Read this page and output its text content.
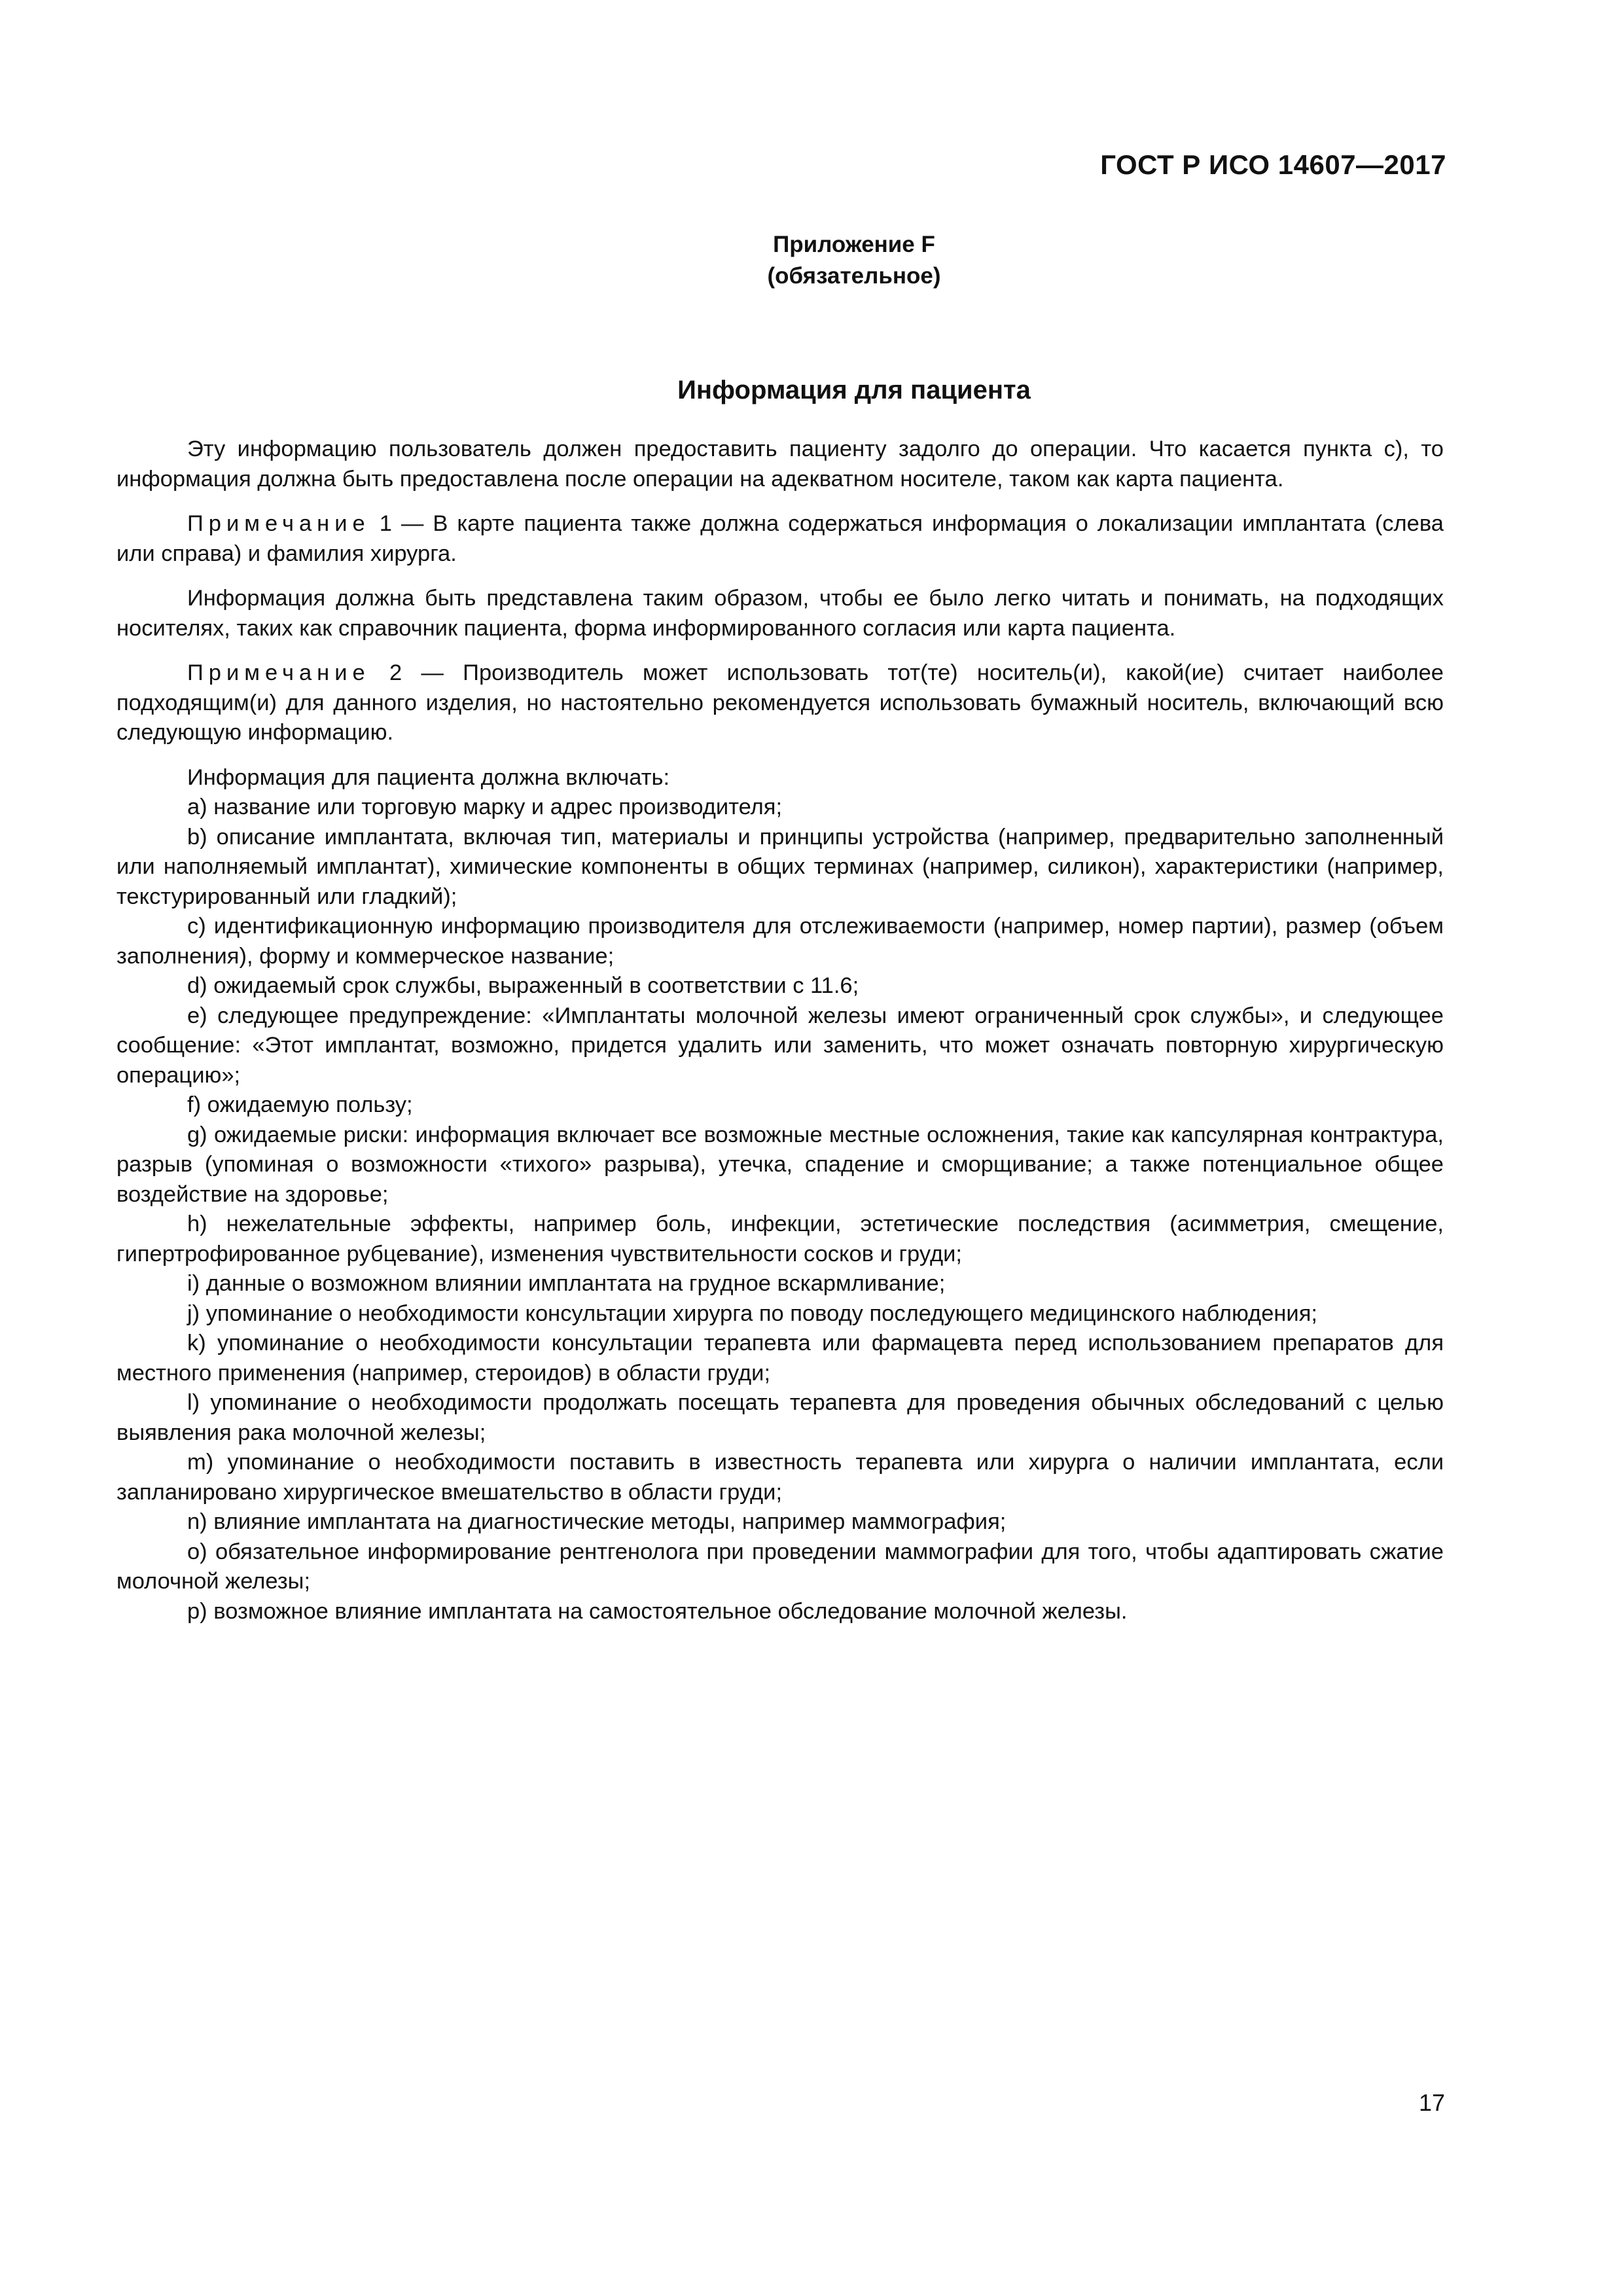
ГОСТ Р ИСО 14607—2017
Приложение F
(обязательное)
Информация для пациента

Эту информацию пользователь должен предоставить пациенту задолго до операции. Что касается пункта с), то информация должна быть предоставлена после операции на адекватном носителе, таком как карта пациента.

Примечание 1 — В карте пациента также должна содержаться информация о локализации имплантата (слева или справа) и фамилия хирурга.

Информация должна быть представлена таким образом, чтобы ее было легко читать и понимать, на подходящих носителях, таких как справочник пациента, форма информированного согласия или карта пациента.

Примечание 2 — Производитель может использовать тот(те) носитель(и), какой(ие) считает наиболее подходящим(и) для данного изделия, но настоятельно рекомендуется использовать бумажный носитель, включающий всю следующую информацию.

Информация для пациента должна включать:

a) название или торговую марку и адрес производителя;

b) описание имплантата, включая тип, материалы и принципы устройства (например, предварительно заполненный или наполняемый имплантат), химические компоненты в общих терминах (например, силикон), характеристики (например, текстурированный или гладкий);

c) идентификационную информацию производителя для отслеживаемости (например, номер партии), размер (объем заполнения), форму и коммерческое название;

d) ожидаемый срок службы, выраженный в соответствии с 11.6;

e) следующее предупреждение: «Имплантаты молочной железы имеют ограниченный срок службы», и следующее сообщение: «Этот имплантат, возможно, придется удалить или заменить, что может означать повторную хирургическую операцию»;

f) ожидаемую пользу;

g) ожидаемые риски: информация включает все возможные местные осложнения, такие как капсулярная контрактура, разрыв (упоминая о возможности «тихого» разрыва), утечка, спадение и сморщивание; а также потенциальное общее воздействие на здоровье;

h) нежелательные эффекты, например боль, инфекции, эстетические последствия (асимметрия, смещение, гипертрофированное рубцевание), изменения чувствительности сосков и груди;

i) данные о возможном влиянии имплантата на грудное вскармливание;

j) упоминание о необходимости консультации хирурга по поводу последующего медицинского наблюдения;

k) упоминание о необходимости консультации терапевта или фармацевта перед использованием препаратов для местного применения (например, стероидов) в области груди;

l) упоминание о необходимости продолжать посещать терапевта для проведения обычных обследований с целью выявления рака молочной железы;

m) упоминание о необходимости поставить в известность терапевта или хирурга о наличии имплантата, если запланировано хирургическое вмешательство в области груди;

n) влияние имплантата на диагностические методы, например маммография;

o) обязательное информирование рентгенолога при проведении маммографии для того, чтобы адаптировать сжатие молочной железы;

p) возможное влияние имплантата на самостоятельное обследование молочной железы.

17
